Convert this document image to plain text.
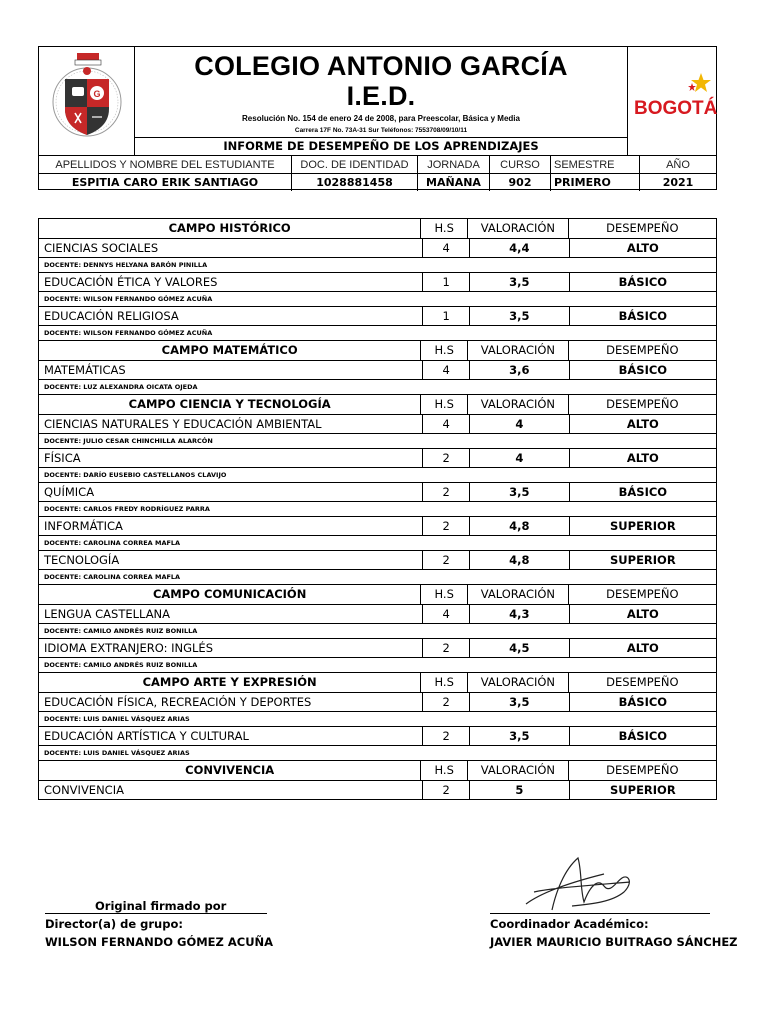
G
COLEGIO ANTONIO GARCÍA
I.E.D.
Resolución No. 154 de enero 24 de 2008, para Preescolar, Básica y Media
Carrera 17F No. 73A-31 Sur Teléfonos: 7553708/09/10/11
INFORME DE DESEMPEÑO DE LOS APRENDIZAJES
BOGOTÁ
APELLIDOS Y NOMBRE DEL ESTUDIANTE	DOC. DE IDENTIDAD	JORNADA	CURSO	SEMESTRE	AÑO
ESPITIA CARO ERIK SANTIAGO	1028881458	MAÑANA	902	PRIMERO	2021
CAMPO HISTÓRICO	H.S	VALORACIÓN	DESEMPEÑO
CIENCIAS SOCIALES	4	4,4	ALTO
DOCENTE: DENNYS HELYANA BARÓN PINILLA
EDUCACIÓN ÉTICA Y VALORES	1	3,5	BÁSICO
DOCENTE: WILSON FERNANDO GÓMEZ ACUÑA
EDUCACIÓN RELIGIOSA	1	3,5	BÁSICO
DOCENTE: WILSON FERNANDO GÓMEZ ACUÑA
CAMPO MATEMÁTICO	H.S	VALORACIÓN	DESEMPEÑO
MATEMÁTICAS	4	3,6	BÁSICO
DOCENTE: LUZ ALEXANDRA OICATA OJEDA
CAMPO CIENCIA Y TECNOLOGÍA	H.S	VALORACIÓN	DESEMPEÑO
CIENCIAS NATURALES Y EDUCACIÓN AMBIENTAL	4	4	ALTO
DOCENTE: JULIO CESAR CHINCHILLA ALARCÓN
FÍSICA	2	4	ALTO
DOCENTE: DARÍO EUSEBIO CASTELLANOS CLAVIJO
QUÍMICA	2	3,5	BÁSICO
DOCENTE: CARLOS FREDY RODRÍGUEZ PARRA
INFORMÁTICA	2	4,8	SUPERIOR
DOCENTE: CAROLINA CORREA MAFLA
TECNOLOGÍA	2	4,8	SUPERIOR
DOCENTE: CAROLINA CORREA MAFLA
CAMPO COMUNICACIÓN	H.S	VALORACIÓN	DESEMPEÑO
LENGUA CASTELLANA	4	4,3	ALTO
DOCENTE: CAMILO ANDRÉS RUIZ BONILLA
IDIOMA EXTRANJERO: INGLÉS	2	4,5	ALTO
DOCENTE: CAMILO ANDRÉS RUIZ BONILLA
CAMPO ARTE Y EXPRESIÓN	H.S	VALORACIÓN	DESEMPEÑO
EDUCACIÓN FÍSICA, RECREACIÓN Y DEPORTES	2	3,5	BÁSICO
DOCENTE: LUIS DANIEL VÁSQUEZ ARIAS
EDUCACIÓN ARTÍSTICA Y CULTURAL	2	3,5	BÁSICO
DOCENTE: LUIS DANIEL VÁSQUEZ ARIAS
CONVIVENCIA	H.S	VALORACIÓN	DESEMPEÑO
CONVIVENCIA	2	5	SUPERIOR
Original firmado por
Director(a) de grupo:
WILSON FERNANDO GÓMEZ ACUÑA
Coordinador Académico:
JAVIER MAURICIO BUITRAGO SÁNCHEZ
